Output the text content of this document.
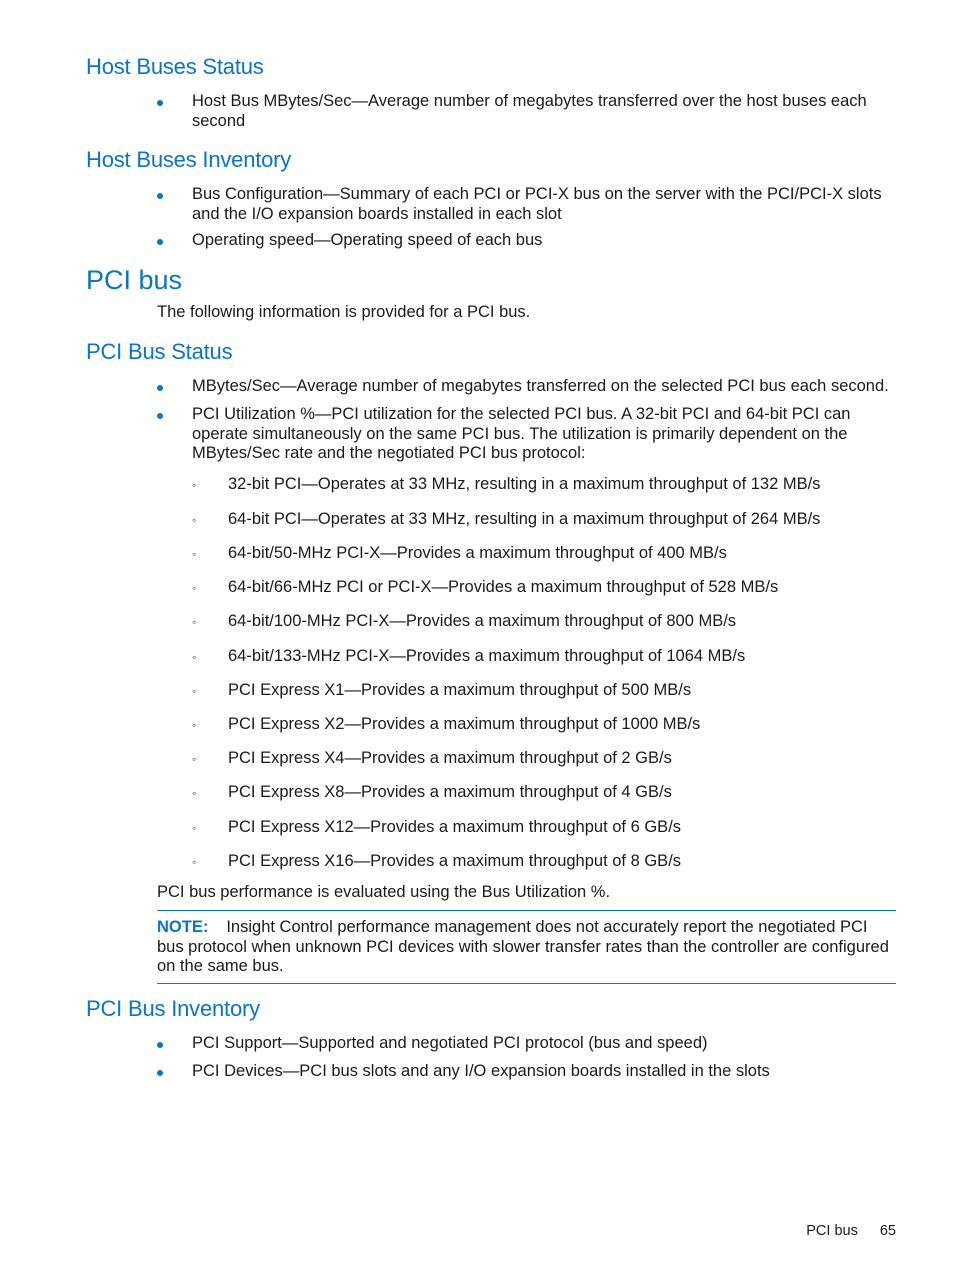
Host Buses Status
Host Bus MBytes/Sec—Average number of megabytes transferred over the host buses each second
Host Buses Inventory
Bus Configuration—Summary of each PCI or PCI-X bus on the server with the PCI/PCI-X slots and the I/O expansion boards installed in each slot
Operating speed—Operating speed of each bus
PCI bus

The following information is provided for a PCI bus.

PCI Bus Status
MBytes/Sec—Average number of megabytes transferred on the selected PCI bus each second.
PCI Utilization %—PCI utilization for the selected PCI bus. A 32-bit PCI and 64-bit PCI can operate simultaneously on the same PCI bus. The utilization is primarily dependent on the MBytes/Sec rate and the negotiated PCI bus protocol:
◦ 32-bit PCI—Operates at 33 MHz, resulting in a maximum throughput of 132 MB/s
◦ 64-bit PCI—Operates at 33 MHz, resulting in a maximum throughput of 264 MB/s
◦ 64-bit/50-MHz PCI-X—Provides a maximum throughput of 400 MB/s
◦ 64-bit/66-MHz PCI or PCI-X—Provides a maximum throughput of 528 MB/s
◦ 64-bit/100-MHz PCI-X—Provides a maximum throughput of 800 MB/s
◦ 64-bit/133-MHz PCI-X—Provides a maximum throughput of 1064 MB/s
◦ PCI Express X1—Provides a maximum throughput of 500 MB/s
◦ PCI Express X2—Provides a maximum throughput of 1000 MB/s
◦ PCI Express X4—Provides a maximum throughput of 2 GB/s
◦ PCI Express X8—Provides a maximum throughput of 4 GB/s
◦ PCI Express X12—Provides a maximum throughput of 6 GB/s
◦ PCI Express X16—Provides a maximum throughput of 8 GB/s

PCI bus performance is evaluated using the Bus Utilization %.

NOTE: Insight Control performance management does not accurately report the negotiated PCI bus protocol when unknown PCI devices with slower transfer rates than the controller are configured on the same bus.

PCI Bus Inventory
PCI Support—Supported and negotiated PCI protocol (bus and speed)
PCI Devices—PCI bus slots and any I/O expansion boards installed in the slots
PCI bus 65
